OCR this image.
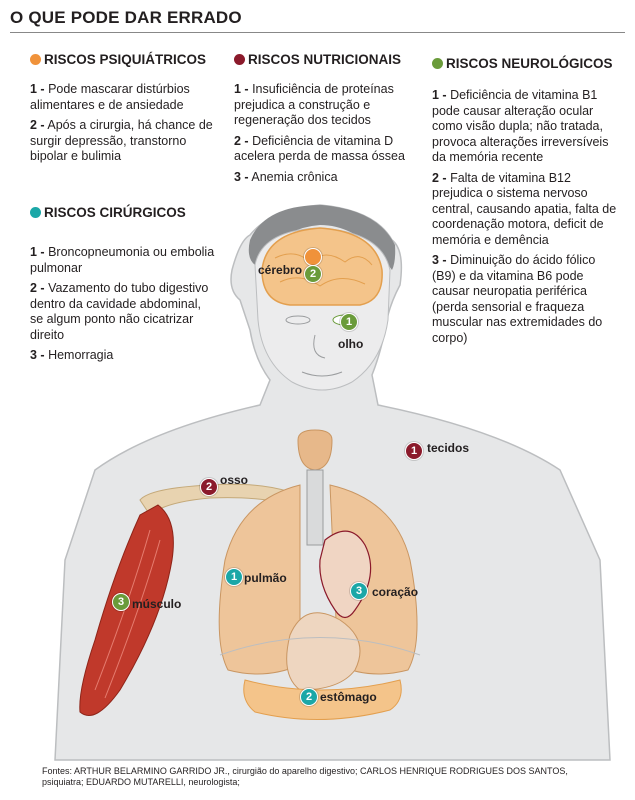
O QUE PODE DAR ERRADO
RISCOS PSIQUIÁTRICOS

1 - Pode mascarar distúrbios alimentares e de ansiedade

2 - Após a cirurgia, há chance de surgir depressão, transtorno bipolar e bulimia

RISCOS NUTRICIONAIS

1 - Insuficiência de proteínas prejudica a construção e regeneração dos tecidos

2 - Deficiência de vitamina D acelera perda de massa óssea

3 - Anemia crônica

RISCOS NEUROLÓGICOS

1 - Deficiência de vitamina B1 pode causar alteração ocular como visão dupla; não tratada, provoca alterações irreversíveis da memória recente

2 - Falta de vitamina B12 prejudica o sistema nervoso central, causando apatia, falta de coordenação motora, deficit de memória e demência

3 - Diminuição do ácido fólico (B9) e da vitamina B6 pode causar neuropatia periférica (perda sensorial e fraqueza muscular nas extremidades do corpo)

RISCOS CIRÚRGICOS

1 - Broncopneumonia ou embolia pulmonar

2 - Vazamento do tubo digestivo dentro da cavidade abdominal, se algum ponto não cicatrizar direito

3 - Hemorragia

2
cérebro
1
olho
1 tecidos
2 osso
1 pulmão
3 coração
3 músculo
2 estômago
Fontes: ARTHUR BELARMINO GARRIDO JR., cirurgião do aparelho digestivo; CARLOS HENRIQUE RODRIGUES DOS SANTOS, psiquiatra; EDUARDO MUTARELLI, neurologista;
